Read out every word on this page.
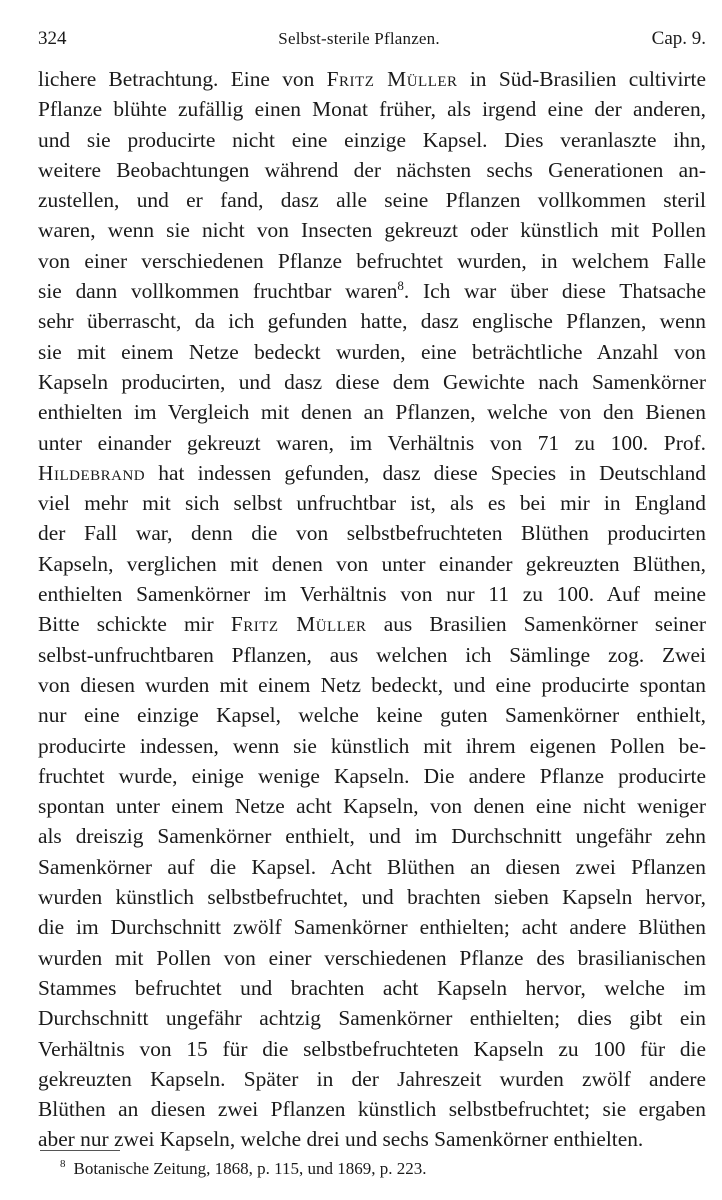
324	Selbst-sterile Pflanzen.	Cap. 9.
lichere Betrachtung. Eine von Fritz Müller in Süd-Brasilien cultivirte
Pflanze blühte zufällig einen Monat früher, als irgend eine der anderen,
und sie producirte nicht eine einzige Kapsel. Dies veranlaszte ihn,
weitere Beobachtungen während der nächsten sechs Generationen an-
zustellen, und er fand, dasz alle seine Pflanzen vollkommen steril
waren, wenn sie nicht von Insecten gekreuzt oder künstlich mit Pollen
von einer verschiedenen Pflanze befruchtet wurden, in welchem Falle
sie dann vollkommen fruchtbar waren$^8$. Ich war über diese Thatsache
sehr überrascht, da ich gefunden hatte, dasz englische Pflanzen, wenn
sie mit einem Netze bedeckt wurden, eine beträchtliche Anzahl von
Kapseln producirten, und dasz diese dem Gewichte nach Samenkörner
enthielten im Vergleich mit denen an Pflanzen, welche von den Bienen
unter einander gekreuzt waren, im Verhältnis von 71 zu 100. Prof.
Hildebrand hat indessen gefunden, dasz diese Species in Deutschland
viel mehr mit sich selbst unfruchtbar ist, als es bei mir in England
der Fall war, denn die von selbstbefruchteten Blüthen producirten
Kapseln, verglichen mit denen von unter einander gekreuzten Blüthen,
enthielten Samenkörner im Verhältnis von nur 11 zu 100. Auf meine
Bitte schickte mir Fritz Müller aus Brasilien Samenkörner seiner
selbst-unfruchtbaren Pflanzen, aus welchen ich Sämlinge zog. Zwei
von diesen wurden mit einem Netz bedeckt, und eine producirte spontan
nur eine einzige Kapsel, welche keine guten Samenkörner enthielt,
producirte indessen, wenn sie künstlich mit ihrem eigenen Pollen be-
fruchtet wurde, einige wenige Kapseln. Die andere Pflanze producirte
spontan unter einem Netze acht Kapseln, von denen eine nicht weniger
als dreiszig Samenkörner enthielt, und im Durchschnitt ungefähr zehn
Samenkörner auf die Kapsel. Acht Blüthen an diesen zwei Pflanzen
wurden künstlich selbstbefruchtet, und brachten sieben Kapseln hervor,
die im Durchschnitt zwölf Samenkörner enthielten; acht andere Blüthen
wurden mit Pollen von einer verschiedenen Pflanze des brasilianischen
Stammes befruchtet und brachten acht Kapseln hervor, welche im
Durchschnitt ungefähr achtzig Samenkörner enthielten; dies gibt ein
Verhältnis von 15 für die selbstbefruchteten Kapseln zu 100 für die
gekreuzten Kapseln. Später in der Jahreszeit wurden zwölf andere
Blüthen an diesen zwei Pflanzen künstlich selbstbefruchtet; sie ergaben
aber nur zwei Kapseln, welche drei und sechs Samenkörner enthielten.
$^8$ Botanische Zeitung, 1868, p. 115, und 1869, p. 223.
